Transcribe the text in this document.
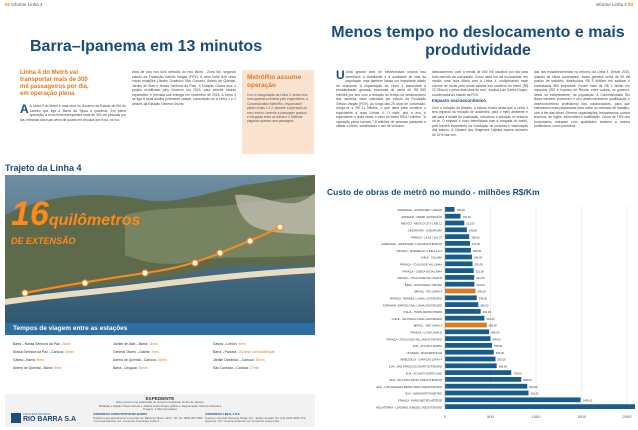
02 Informe Linha 4	Informe Linha 4 03
Barra–Ipanema em 13 minutos
Linha 4 do Metrô vai transportar mais de 300 mil passageiros por dia, em operação plena
A A Linha 4 do Metrô é uma obra do Governo do Estado do Rio de Janeiro que liga a Barra da Tijuca a Ipanema. Em plena operação, a nova linha transportará mais de 300 mil pessoas por dia, retirando das ruas cerca de quatro mil veículos por hora, os hor-
ários de pico nos dois sentidos do eixo Barra - Zona Sul, segundo estudo da Fundação Getúlio Vargas (FGV). A nova linha terá cinco novas estações (Jardim Oceânico São Conrado, Antero de Quental, Jardim de Alah e Nossa Senhora da Paz). A Estação Gávea teve o projeto modificado pelo Governo em 2015, para permitir futuras expansões, e prevista sua entrega em novembro de 2016. A Linha 4 se liga à atual dualha pertinente cidade, conectando-se à Linha 1 e 2 através da Estação General Osório.
MetrôRio assume operação
Com a inauguração da Linha 4, dentro dos cronogramas previstos pelo engenheiros, a Concessionária MetrôRio, responsável pelas Linhas 1 e 2, assume a operação do novo trecho, fazendo a passagem gradual e integrada entre as linhas e o Sistema pagando apenas uma passagem.
Trajeto da Linha 4
16quilômetros
DE EXTENSÃO
Tempos de viagem entre as estações
Barra→Nossa Senhora da Paz: 15min
Nossa Senhora da Paz→Carioca: 16min
Gávea→Barra: 9min
Antero de Quental→Barra: 9min
Jardim de Alah→Barra: 11min
General Osório→Gávea: 7min
Antero de Quental→Carioca: 24min
Barra→Uruguai: 30min
Gávea→Leblon: 4min
Barra→Pavuna: 1h13min com baldeação
Jardim Oceânico→Carioca: 30min
São Conrado→Carioca: 27min
EXPEDIENTE
Este jornal é uma publicação do Governo do Estado do Rio de Janeiro
Redação e Edição: Paulo Serrate e Juliana Dutra Projeto gráfico e diagramação: Marcelo Abrantes
Tiragem: 1.000 exemplares
CONCESSIONÁRIA
RIO BARRA S.A
CONSÓRCIO CONSTRUTOR RIO BARRA
Telefone para atendimento comercial: Av. Barra da Tijuca, 2222 - RJ. Tel. 0800 282 5454 / Correspondência: a/c, Consórcio Construtor Linha 4
CONSÓRCIO LINHA 4 SUL
Telefone: Avenida Visconde Pirajá, 4/3 - Jardim de Alah. Tel: (21) 2222-4000. Pra: Ipanema - RJ / Correspondência: a/c Consórcio Linha 4 Sul
Menos tempo no deslocamento e mais produtividade
U Uma grande obra de infraestrutura urbana traz benefícios à mobilidade e à qualidade de vida da população, mas também causa um importante aliado da economia. A implantação da Linha 4 aumentará a produtividade, gerando economia de cerca de R$ 860 milhões por ano com a redução do tempo de deslocamento dos usuários, dado calculado por estudo da Fundação Getúlio Vargas (FGV). Ao longo dos 25 anos de concessão, chega-se a R$ 21 bilhões, o que daria para construir o equivalente a duas Linhas 4. O valor, ano a ano, é equivalente a duas vezes o valor do metrô R$ 67 bilhões. "A operação plena tornará 7,5 milhões de pessoas passarão a utilizar o metrô, substituindo o uso de veículos.
deslocamento, com a média de 600 mil usuários por dia para todo período da concessão. Como cada um vai economizar, em média, uma hora diária com a Linha 4, multiplicaram esse volume de horas pela renda salarial dos usuários do metrô (R$ 22,78/ano) e pelos dias úteis de ano", explica Luiz Carlos Duque, coordenador do estudo da FGV.
Impacto socioeconômico
Com a redução do trânsito, o estudo revela ainda que a Linha 4 terá impacto na redução de acidentes, para o meio ambiente e até para a saúde da população, reduzindo a poluição no entorno do ar. O emissor é outro beneficiado com a chegada do metrô, pois haverá incremento na circulação de pessoas e valorização dos bairros. A Câmara dos Dirigentes Lojistas espera aumento de 10% nas ven-
das dos estabelecimentos no entorno da Linha 4. Desde 2010, quando as obras começaram, foram gerados cerca de 50 mil postos de trabalho, distribuídos R$ 3 bilhões em salários e contratados 360 empresas. Foram mais de R$ 1 bilhão em impostos (ISS e Imposto de Renda, entre outros) no governo, direta ou indiretamente, na população. A Concessionária Rio Barra também promoveu o seu desenvolvimento qualificação e desenvolvimento profissional dos colaboradores, para que estivessem mais preparados para voltar ao mercado de trabalho, com a fim das obras. Oferece capacitações, treinamentos, cursos técnicos, de inglês, informática e habilitação. Cerca de 15% dos funcionários entraram com qualidades também a autoria profissional, como pedreiros.
Custo de obras de metrô no mundo - milhões R$/Km
0	500	1000	1500	2000
ALEMANHA - HANNOVER / U-BAHN	105,00
ESPANHA - MADRI / EXTENSÃO	170,00
MÉXICO - MEXICO CITY LINE 12	212,00
CINGAPURA - CINGAPURA	240,00
FRANÇA - LILLE / VAL 97	266,00
ALEMANHA - HANNOVER / U-BAHN EXTENSION	274,00
FRANÇA - MARSEILLE / LINHA 1 & 2	285,00
CHILE - CALAMA	296,00
FRANÇA - TOULOUSE VAL LINHA	302,00
FRANÇA - LISBOA NOVA LINHA	315,00
FRANÇA - TOULOUSE VAL LINHA B	321,00
ÍNDIA - NOVA DELHI / METRO	323,00
BRASIL - RIO LINHA 4	335,00
FRANÇA - RENNES / LINHA 1 EXTENSÃO	349,00
ESPANHA - BARCELONA / LINHA 9 EXTENSÃO	366,00
ITÁLIA - TURIN METRO PRIMO	392,00
CHILE - SANTIAGO LINHA 4 EXTENSÃO	433,00
BRASIL - SÃO LINHA 4	458,00
FRANÇA - LYON LINHA D	485,00
FRANÇA - TOULOUSE VAL LINE EXTENSÃO	499,00
EUA - ATLANTA MARTA	516,00
HUNGRIA - BUDAPESTE M4	536,00
VENEZUELA - CARACAS LINHA 4	555,00
EUA - SAN FRANCISCO BART EXTENSÃO	568,00
EUA - ATLANTA NORTH LINE	728,00
EUA - ATLANTA NORTH LINE EXTENSION	838,00
EUA - LOS ANGELES METRO RED LINE EXTENSÃO	904,00
EUA - WASHINGTON METRO	918,00
FRANÇA - PARIS METRO MÉTÉOR	1490,00
INGLATERRA - LONDRES JUBILEE LINE EXTENSÃO
